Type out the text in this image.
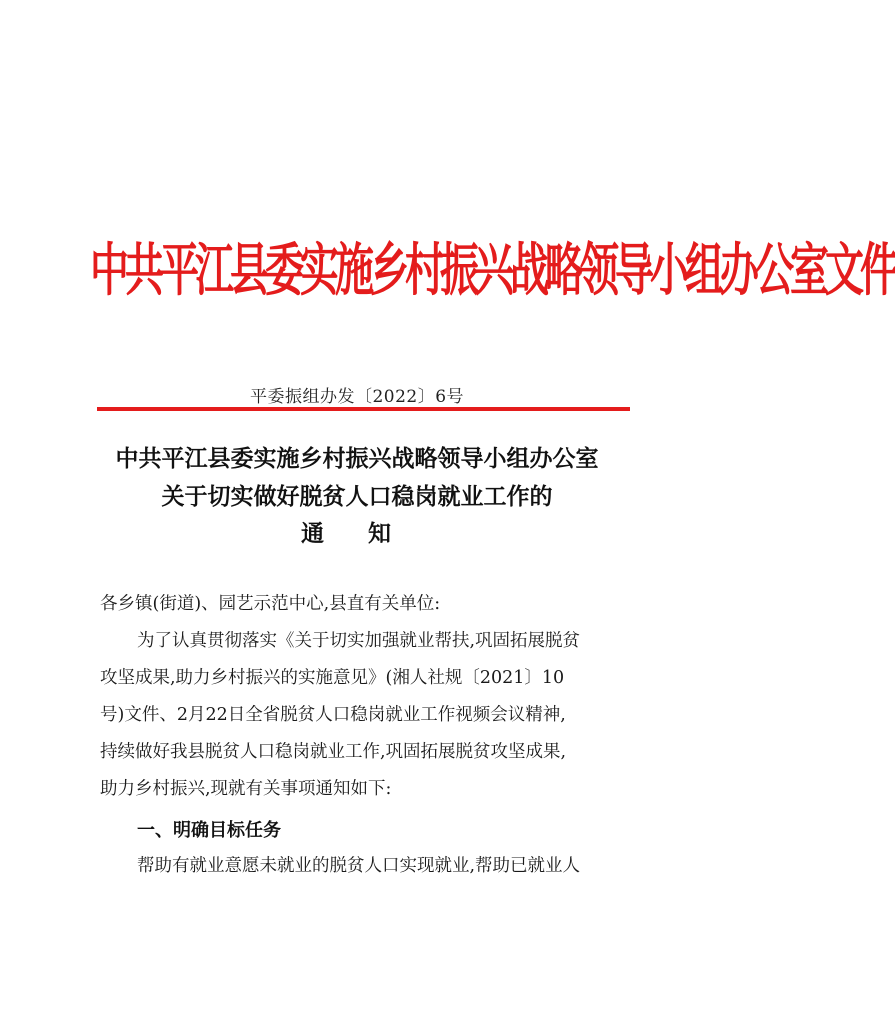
中共平江县委实施乡村振兴战略领导小组办公室文件
平委振组办发〔2022〕6号
中共平江县委实施乡村振兴战略领导小组办公室
关于切实做好脱贫人口稳岗就业工作的
通知
各乡镇(街道)、园艺示范中心,县直有关单位:
为了认真贯彻落实《关于切实加强就业帮扶,巩固拓展脱贫
攻坚成果,助力乡村振兴的实施意见》(湘人社规〔2021〕10
号)文件、2月22日全省脱贫人口稳岗就业工作视频会议精神,
持续做好我县脱贫人口稳岗就业工作,巩固拓展脱贫攻坚成果,
助力乡村振兴,现就有关事项通知如下:
一、明确目标任务
帮助有就业意愿未就业的脱贫人口实现就业,帮助已就业人
